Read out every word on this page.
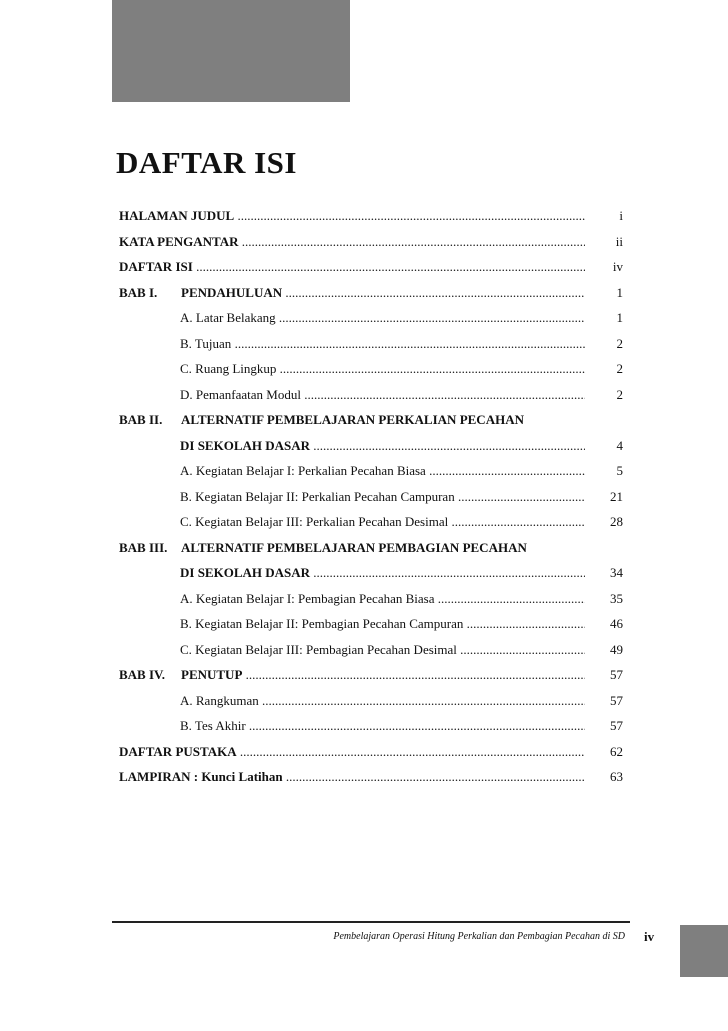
DAFTAR ISI
HALAMAN JUDUL .....	i
KATA PENGANTAR .....	ii
DAFTAR ISI .....	iv
BAB I. PENDAHULUAN .....	1
A. Latar Belakang .....	1
B. Tujuan .....	2
C. Ruang Lingkup .....	2
D. Pemanfaatan Modul .....	2
BAB II. ALTERNATIF PEMBELAJARAN PERKALIAN PECAHAN
DI SEKOLAH DASAR .....	4
A. Kegiatan Belajar I: Perkalian Pecahan Biasa .....	5
B. Kegiatan Belajar II: Perkalian Pecahan Campuran .....	21
C. Kegiatan Belajar III: Perkalian Pecahan Desimal .....	28
BAB III. ALTERNATIF PEMBELAJARAN PEMBAGIAN PECAHAN
DI SEKOLAH DASAR .....	34
A. Kegiatan Belajar I: Pembagian Pecahan Biasa .....	35
B. Kegiatan Belajar II: Pembagian Pecahan Campuran .....	46
C. Kegiatan Belajar III: Pembagian Pecahan Desimal .....	49
BAB IV. PENUTUP .....	57
A. Rangkuman .....	57
B. Tes Akhir .....	57
DAFTAR PUSTAKA .....	62
LAMPIRAN : Kunci Latihan .....	63
Pembelajaran Operasi Hitung Perkalian dan Pembagian Pecahan di SD iv
